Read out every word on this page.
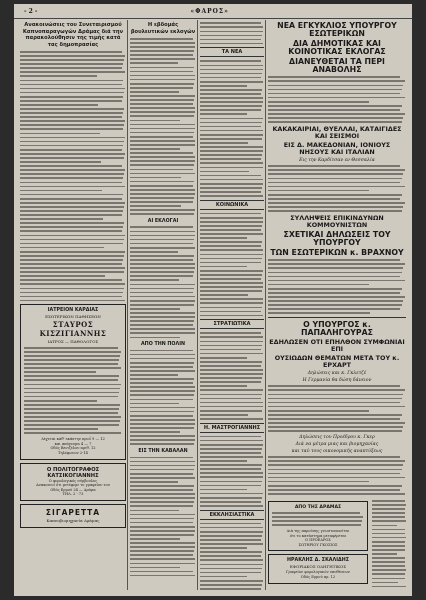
- 2 -	«ΦΑΡΟΣ»
Ανακοινώσεις του Συνεταιρισμού Καπνοπαραγωγών Δράμας διά την παρακολούθησιν της τιμής κατά τας δημοπρασίας
ΙΑΤΡΕΙΟΝ ΚΑΡΔΙΑΣ
ΕΣΩΤΕΡΙΚΩΝ ΠΑΘΗΣΕΩΝ
ΣΤΑΥΡΟΣ ΚΙΣΖΙΓΙΑΝΝΗΣ
ΙΑΤΡΟΣ — ΠΑΘΟΛΟΓΟΣ
Δέχεται καθ' εκάστην πρωΐ 9 — 12
και απόγευμα 4 — 7
Οδός Βενιζέλου αριθ. 12
Τηλέφωνον 2-14
Ο ΠΟΛΙΤΟΓΡΑΦΟΣ ΚΑΤΣΙΚΟΓΙΑΝΝΗΣ
Ο φορολογικός σύμβουλος
Ανακοινοί ότι μετέφερε το γραφείον του
Οδός Ερμού 24 — Δράμα
ΤΗΛ. 2 - 73
ΣΙΓΑΡΕΤΤΑ
Καπνοβιομηχανία Δράμας
Η εβδομάς βουλευτικών εκλογών
ΑΙ ΕΚΛΟΓΑΙ
ΑΠΟ ΤΗΝ ΠΟΛΙΝ
ΕΙΣ ΤΗΝ ΚΑΒΑΛΑΝ
ΤΑ ΝΕΑ
ΚΟΙΝΩΝΙΚΑ
ΣΤΡΑΤΙΩΤΙΚΑ
Η. ΜΑΣΤΡΟΓΙΑΝΝΗΣ
ΕΚΚΛΗΣΙΑΣΤΙΚΑ
ΝΕΑ ΕΓΚΥΚΛΙΟΣ ΥΠΟΥΡΓΟΥ ΕΣΩΤΕΡΙΚΩΝ
ΔΙΑ ΔΗΜΟΤΙΚΑΣ ΚΑΙ ΚΟΙΝΟΤΙΚΑΣ ΕΚΛΟΓΑΣ
ΔΙΑΝΕΥΘΕΤΑΙ ΤΑ ΠΕΡΙ ΑΝΑΒΟΛΗΣ
ΚΑΚΑΚΑΙΡΙΑΙ, ΘΥΕΛΛΑΙ, ΚΑΤΑΙΓΙΔΕΣ ΚΑΙ ΣΕΙΣΜΟΙ
ΕΙΣ Δ. ΜΑΚΕΔΟΝΙΑΝ, ΙΟΝΙΟΥΣ ΝΗΣΟΥΣ ΚΑΙ ΙΤΑΛΙΑΝ
Εις την Καρδίτσαν εν Θεσσαλία
ΣΥΛΛΗΨΕΙΣ ΕΠΙΚΙΝΔΥΝΩΝ ΚΟΜΜΟΥΝΙΣΤΩΝ
ΣΧΕΤΙΚΑΙ ΔΗΛΩΣΕΙΣ ΤΟΥ ΥΠΟΥΡΓΟΥ
ΤΩΝ ΕΣΩΤΕΡΙΚΩΝ κ. ΒΡΑΧΝΟΥ
Ο ΥΠΟΥΡΓΟΣ κ. ΠΑΠΑΛΗΓΟΥΡΑΣ
ΕΔΗΛΩΣΕΝ ΟΤΙ ΕΠΗΛΘΟΝ ΣΥΜΦΩΝΙΑΙ ΕΠΙ
ΟΥΣΙΩΔΩΝ ΘΕΜΑΤΩΝ ΜΕΤΑ ΤΟΥ κ. ΕΡΧΑΡΤ
Δηλώσεις και κ. Γκλετζέ
Η Γερμανία θα δώση δάνειον
Δηλώσεις του Προέδρου κ. Γκερ
Διά να μέτρα μιας και βιομηχανίας
και ταύ τους οικονομικής αναπτύξεως
ΑΠΟ ΤΗΣ ΔΡΑΜΑΣ
Διά της παρούσης γνωστοποιείται
ότι το κατάστημα μεταφέρεται
Ο ΠΡΟΕΔΡΟΣ
ΣΩΤΗΡΙΟΥ ΓΚΟΣΙΟΣ
ΗΡΑΚΛΗΣ Δ. ΣΚΑΛΙΔΗΣ
ΕΦΟΡΙΑΚΟΣ ΟΔΗΓΗΤΙΚΟΣ
Γραφείον φορολογικών υποθέσεων
Οδός Ερμού αρ. 12
